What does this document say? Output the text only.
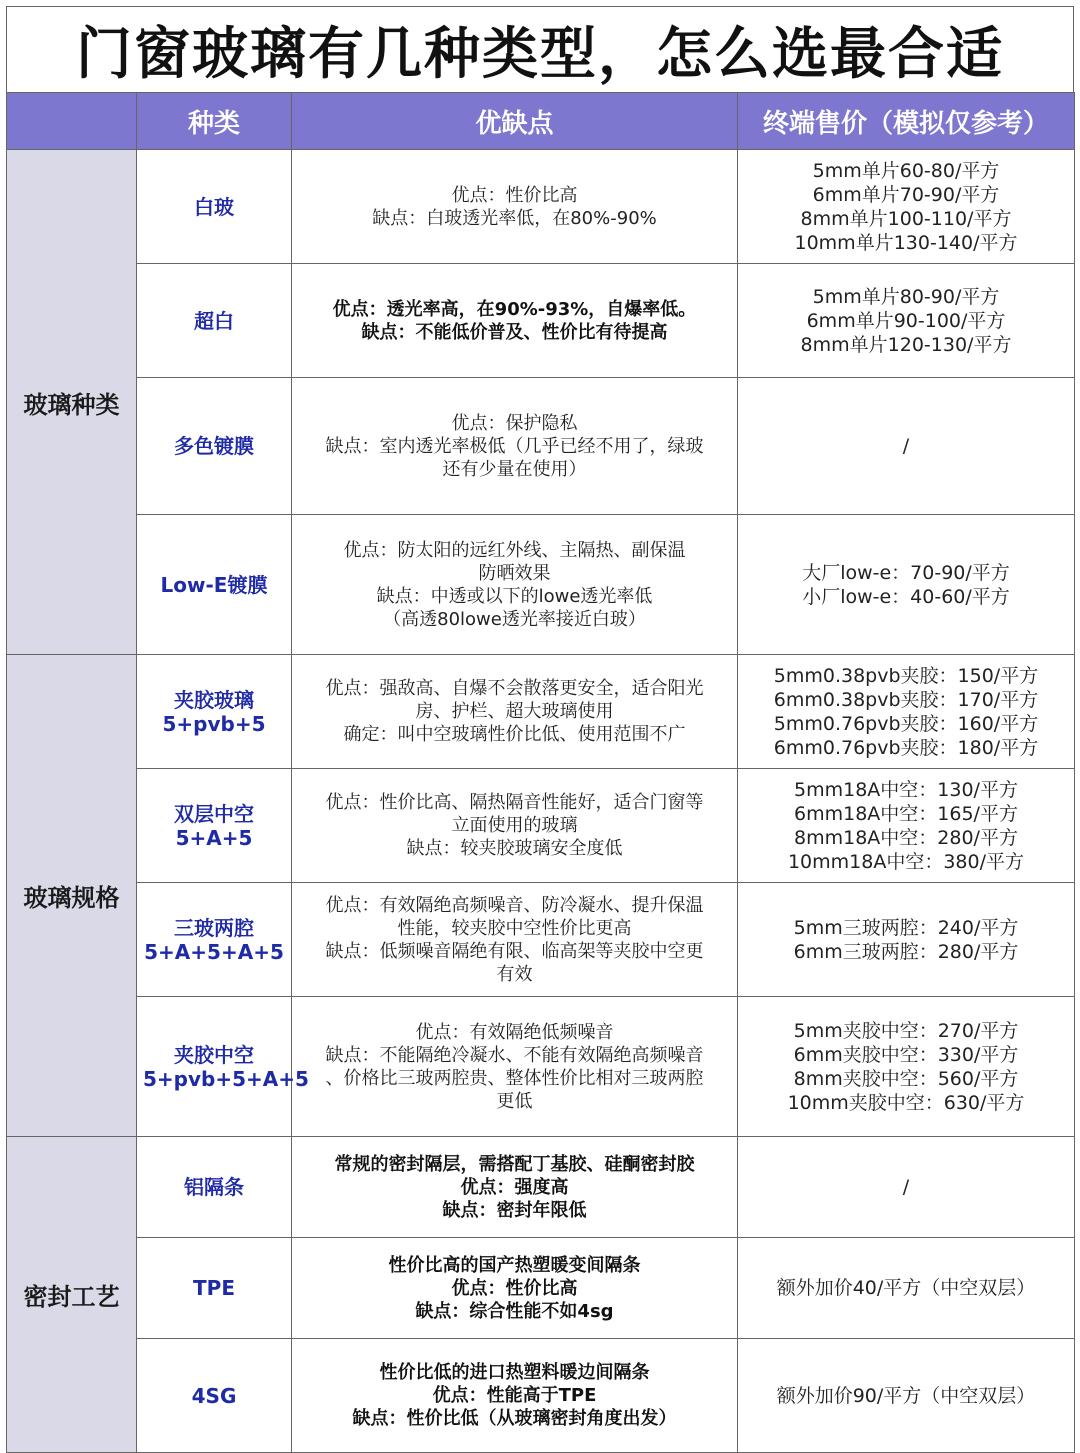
门窗玻璃有几种类型，怎么选最合适
	种类	优缺点	终端售价（模拟仅参考）
玻璃种类	白玻	优点：性价比高
缺点：白玻透光率低，在80%-90%	5mm单片60-80/平方
6mm单片70-90/平方
8mm单片100-110/平方
10mm单片130-140/平方

	超白	优点：透光率高，在90%-93%，自爆率低。
缺点：不能低价普及、性价比有待提高	5mm单片80-90/平方
6mm单片90-100/平方
8mm单片120-130/平方

	多色镀膜	优点：保护隐私
缺点：室内透光率极低（几乎已经不用了，绿玻
还有少量在使用）	/

	Low-E镀膜	优点：防太阳的远红外线、主隔热、副保温
防晒效果
缺点：中透或以下的lowe透光率低
（高透80lowe透光率接近白玻）	大厂low-e：70-90/平方
小厂low-e：40-60/平方

玻璃规格	夹胶玻璃
5+pvb+5	优点：强敌高、自爆不会散落更安全，适合阳光
房、护栏、超大玻璃使用
确定：叫中空玻璃性价比低、使用范围不广	5mm0.38pvb夹胶：150/平方
6mm0.38pvb夹胶：170/平方
5mm0.76pvb夹胶：160/平方
6mm0.76pvb夹胶：180/平方

	双层中空
5+A+5	优点：性价比高、隔热隔音性能好，适合门窗等
立面使用的玻璃
缺点：较夹胶玻璃安全度低	5mm18A中空：130/平方
6mm18A中空：165/平方
8mm18A中空：280/平方
10mm18A中空：380/平方

	三玻两腔
5+A+5+A+5	优点：有效隔绝高频噪音、防冷凝水、提升保温
性能，较夹胶中空性价比更高
缺点：低频噪音隔绝有限、临高架等夹胶中空更
有效	5mm三玻两腔：240/平方
6mm三玻两腔：280/平方

	夹胶中空
5+pvb+5+A+5	优点：有效隔绝低频噪音
缺点：不能隔绝冷凝水、不能有效隔绝高频噪音
、价格比三玻两腔贵、整体性价比相对三玻两腔
更低	5mm夹胶中空：270/平方
6mm夹胶中空：330/平方
8mm夹胶中空：560/平方
10mm夹胶中空：630/平方

密封工艺	铝隔条	常规的密封隔层，需搭配丁基胶、硅酮密封胶
优点：强度高
缺点：密封年限低	/

	TPE	性价比高的国产热塑暖变间隔条
优点：性价比高
缺点：综合性能不如4sg	额外加价40/平方（中空双层）

	4SG	性价比低的进口热塑料暖边间隔条
优点：性能高于TPE
缺点：性价比低（从玻璃密封角度出发）	额外加价90/平方（中空双层）
